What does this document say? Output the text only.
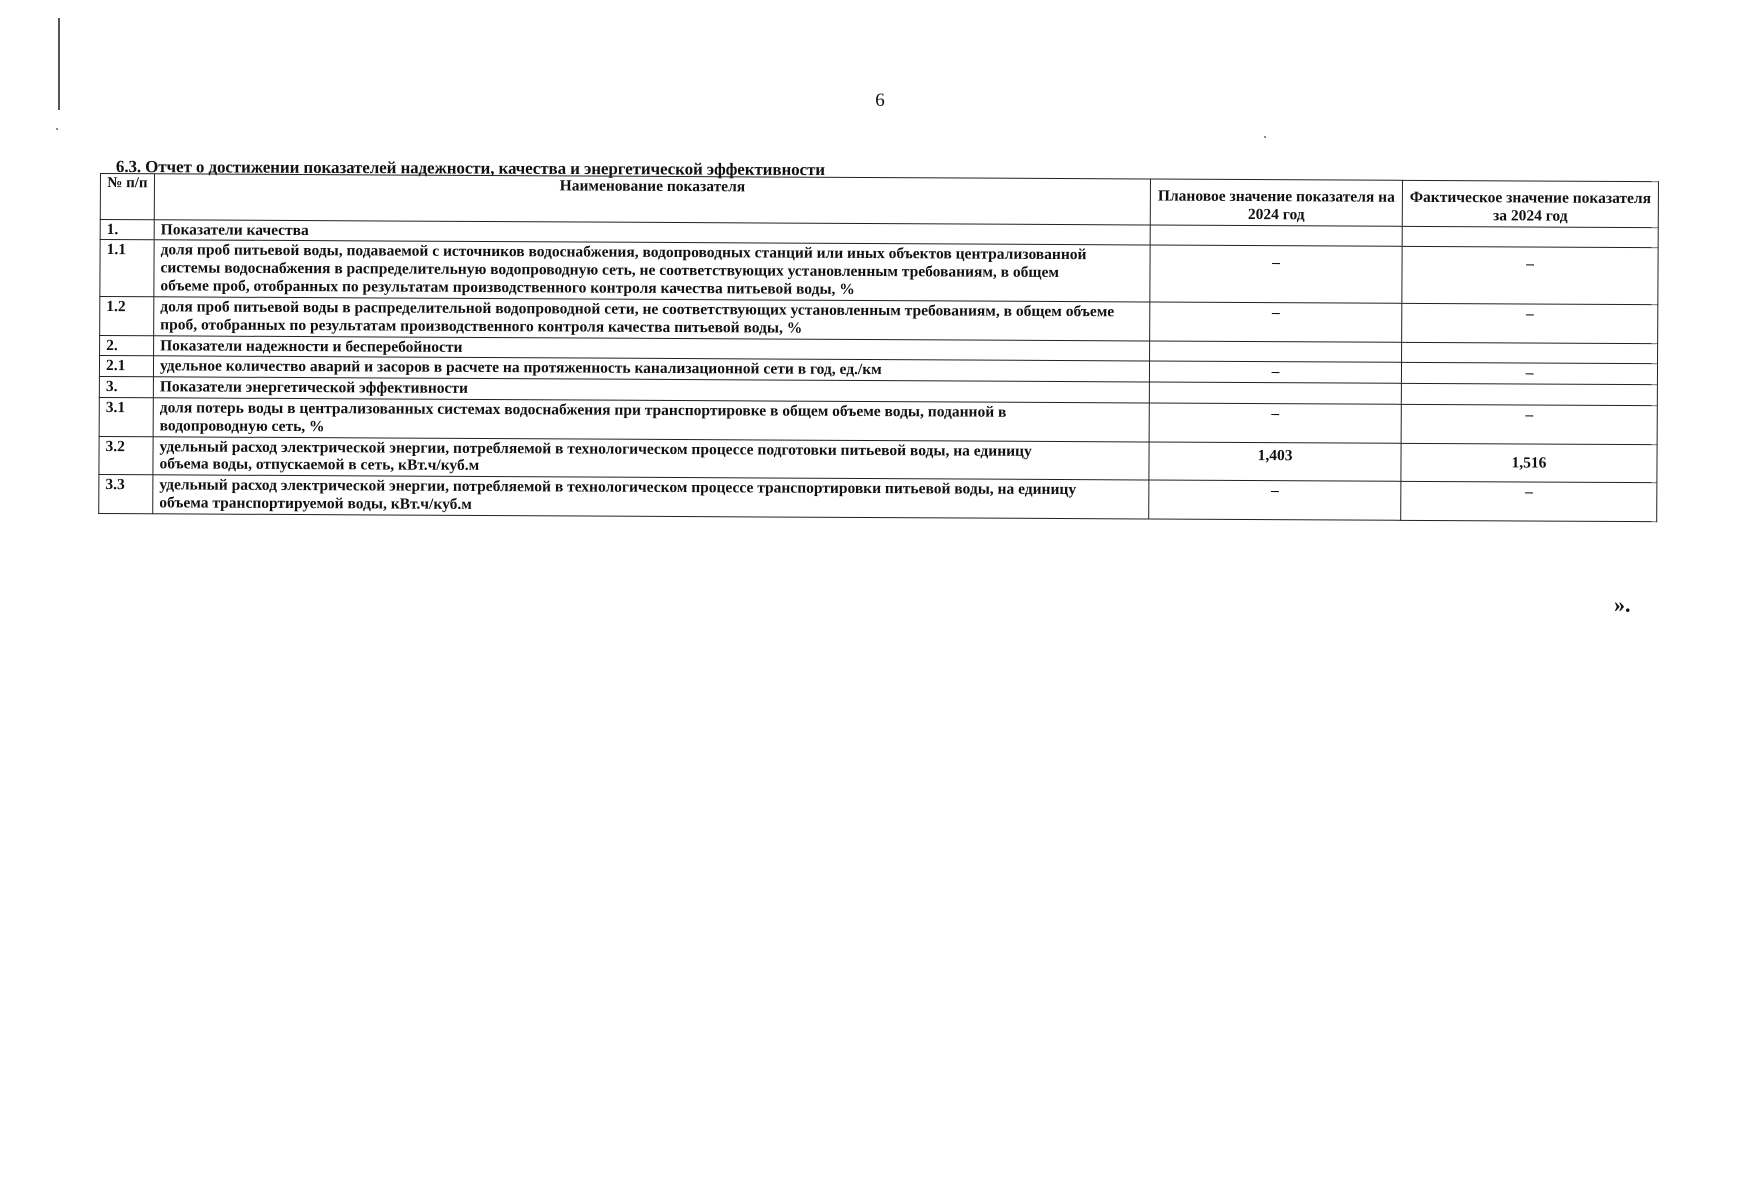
6
6.3. Отчет о достижении показателей надежности, качества и энергетической эффективности
№ п/п	Наименование показателя	Плановое значение показателя на 2024 год	Фактическое значение показателя за 2024 год

1.	Показатели качества		
1.1	доля проб питьевой воды, подаваемой с источников водоснабжения, водопроводных станций или иных объектов централизованной системы водоснабжения в распределительную водопроводную сеть, не соответствующих установленным требованиям, в общем объеме проб, отобранных по результатам производственного контроля качества питьевой воды, %	–	–
1.2	доля проб питьевой воды в распределительной водопроводной сети, не соответствующих установленным требованиям, в общем объеме проб, отобранных по результатам производственного контроля качества питьевой воды, %	–	–
2.	Показатели надежности и бесперебойности		
2.1	удельное количество аварий и засоров в расчете на протяженность канализационной сети в год, ед./км	–	–
3.	Показатели энергетической эффективности		
3.1	доля потерь воды в централизованных системах водоснабжения при транспортировке в общем объеме воды, поданной в водопроводную сеть, %	–	–
3.2	удельный расход электрической энергии, потребляемой в технологическом процессе подготовки питьевой воды, на единицу объема воды, отпускаемой в сеть, кВт.ч/куб.м	1,403	1,516
3.3	удельный расход электрической энергии, потребляемой в технологическом процессе транспортировки питьевой воды, на единицу объема транспортируемой воды, кВт.ч/куб.м	–	–
».
